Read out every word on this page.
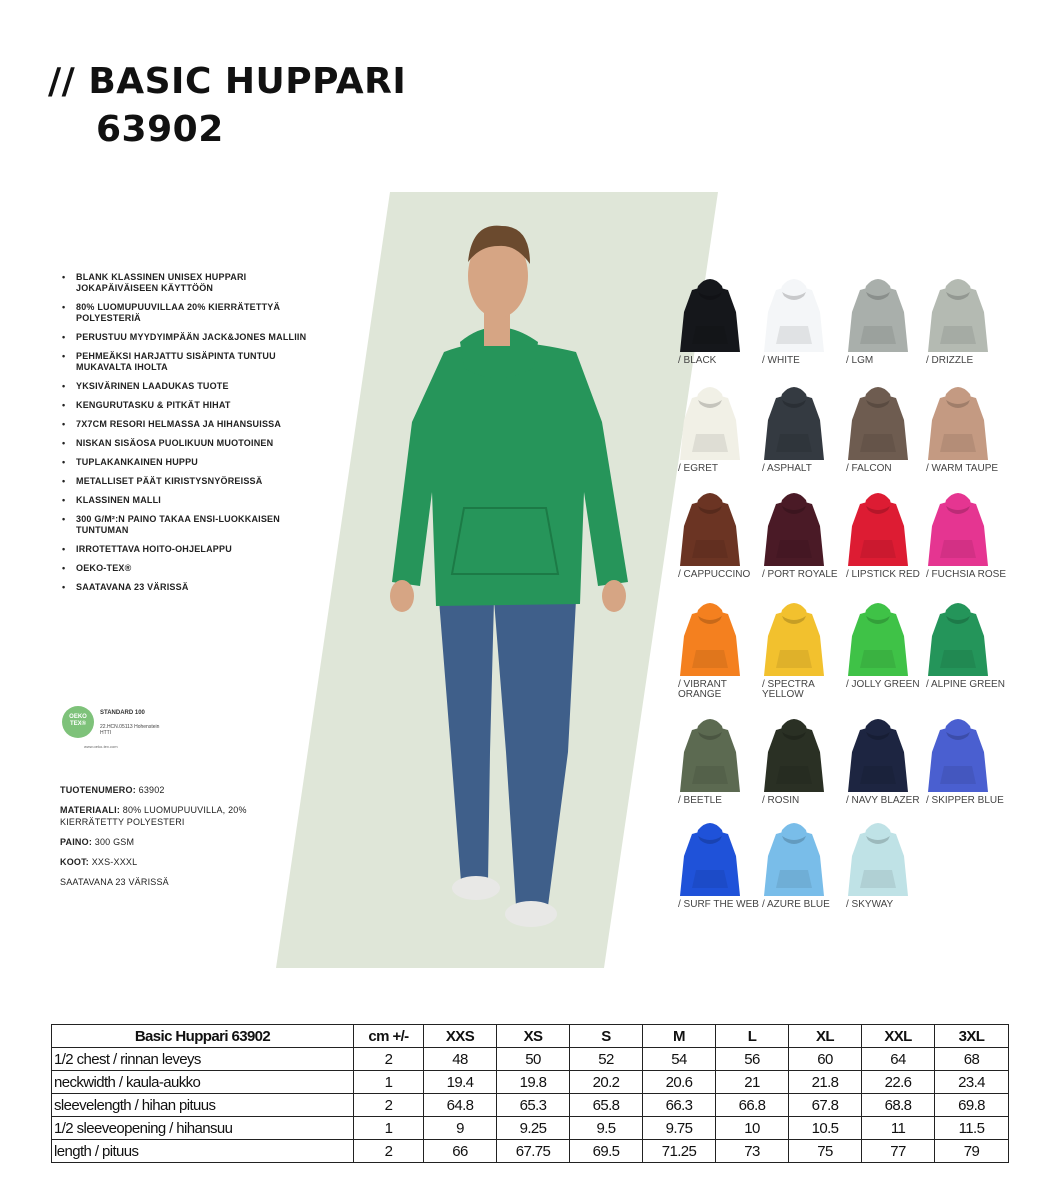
// BASIC HUPPARI
63902
• BLANK KLASSINEN UNISEX HUPPARI JOKAPÄIVÄISEEN KÄYTTÖÖN
• 80% LUOMUPUUVILLAA 20% KIERRÄTETTYÄ POLYESTERIÄ
• PERUSTUU MYYDYIMPÄÄN JACK&JONES MALLIIN
• PEHMEÄKSI HARJATTU SISÄPINTA TUNTUU MUKAVALTA IHOLTA
• YKSIVÄRINEN LAADUKAS TUOTE
• KENGURUTASKU & PITKÄT HIHAT
• 7X7CM RESORI HELMASSA JA HIHANSUISSA
• NISKAN SISÄOSA PUOLIKUUN MUOTOINEN
• TUPLAKANKAINEN HUPPU
• METALLISET PÄÄT KIRISTYSNYÖREISSÄ
• KLASSINEN MALLI
• 300 G/M²:N PAINO TAKAA ENSI-LUOKKAISEN TUNTUMAN
• IRROTETTAVA HOITO-OHJELAPPU
• OEKO-TEX®
• SAATAVANA 23 VÄRISSÄ
OEKO TEX®
STANDARD 100
22.HCN.05113 Hohenstein HTTI
www.oeko-tex.com
TUOTENUMERO: 63902
MATERIAALI: 80% LUOMUPUUVILLA, 20% KIERRÄTETTY POLYESTERI
PAINO: 300 GSM
KOOT: XXS-XXXL
SAATAVANA 23 VÄRISSÄ
/ BLACK	/ WHITE	/ LGM	/ DRIZZLE
/ EGRET	/ ASPHALT	/ FALCON	/ WARM TAUPE
/ CAPPUCCINO	/ PORT ROYALE / LIPSTICK RED / FUCHSIA ROSE
/ VIBRANT ORANGE
/ SPECTRA YELLOW
/ JOLLY GREEN / ALPINE GREEN
/ BEETLE	/ ROSIN	/ NAVY BLAZER / SKIPPER BLUE
/ SURF THE WEB / AZURE BLUE	/ SKYWAY
Basic Huppari 63902	cm +/-	XXS	XS	S	M	L	XL	XXL	3XL
1/2 chest / rinnan leveys	2	48	50	52	54	56	60	64	68
neckwidth / kaula-aukko	1	19.4	19.8	20.2	20.6	21	21.8	22.6	23.4
sleevelength / hihan pituus	2	64.8	65.3	65.8	66.3	66.8	67.8	68.8	69.8
1/2 sleeveopening / hihansuu	1	9	9.25	9.5	9.75	10	10.5	11	11.5
length / pituus	2	66	67.75	69.5	71.25	73	75	77	79
